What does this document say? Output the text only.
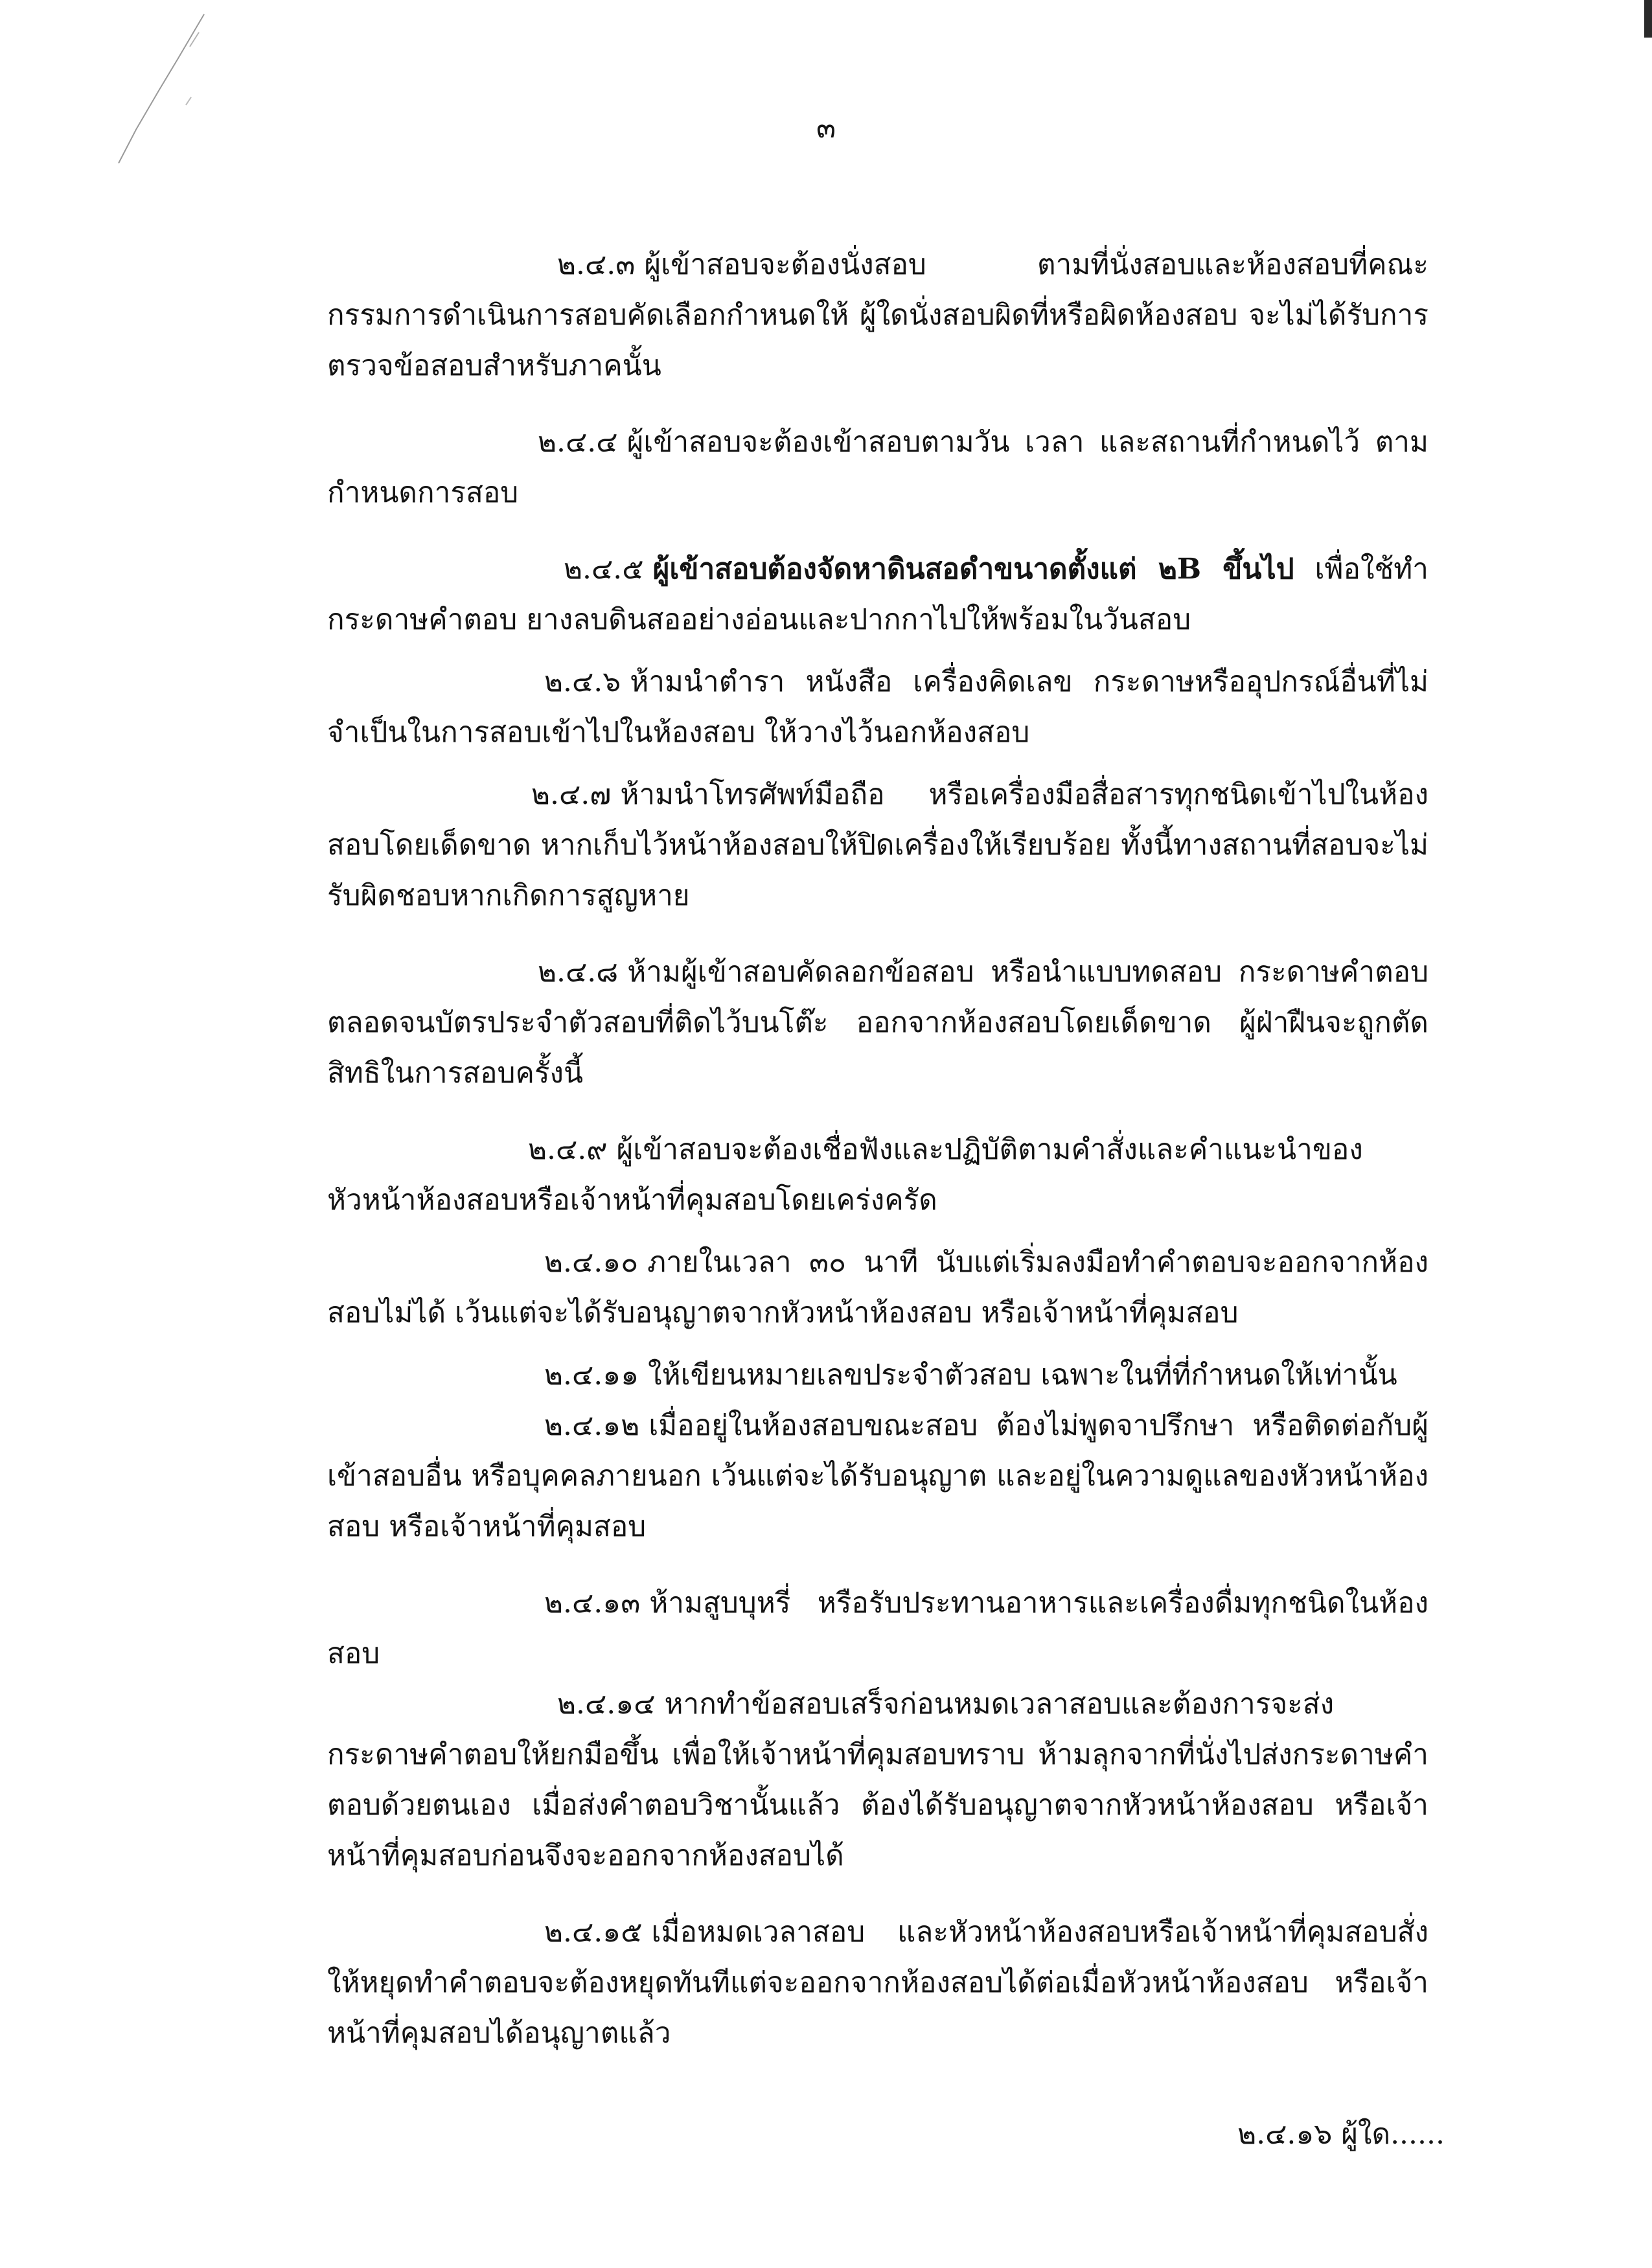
๓

๒.๔.๓ ผู้เข้าสอบจะต้องนั่งสอบ ตามที่นั่งสอบและห้องสอบที่คณะกรรมการดำเนินการสอบคัดเลือกกำหนดให้ ผู้ใดนั่งสอบผิดที่หรือผิดห้องสอบ จะไม่ได้รับการตรวจข้อสอบสำหรับภาคนั้น

๒.๔.๔ ผู้เข้าสอบจะต้องเข้าสอบตามวัน เวลา และสถานที่กำหนดไว้ ตามกำหนดการสอบ

๒.๔.๕ ผู้เข้าสอบต้องจัดหาดินสอดำขนาดตั้งแต่ ๒B ขึ้นไป เพื่อใช้ทำกระดาษคำตอบ ยางลบดินสออย่างอ่อนและปากกาไปให้พร้อมในวันสอบ

๒.๔.๖ ห้ามนำตำรา หนังสือ เครื่องคิดเลข กระดาษหรืออุปกรณ์อื่นที่ไม่จำเป็นในการสอบเข้าไปในห้องสอบ ให้วางไว้นอกห้องสอบ

๒.๔.๗ ห้ามนำโทรศัพท์มือถือ หรือเครื่องมือสื่อสารทุกชนิดเข้าไปในห้องสอบโดยเด็ดขาด หากเก็บไว้หน้าห้องสอบให้ปิดเครื่องให้เรียบร้อย ทั้งนี้ทางสถานที่สอบจะไม่รับผิดชอบหากเกิดการสูญหาย

๒.๔.๘ ห้ามผู้เข้าสอบคัดลอกข้อสอบ หรือนำแบบทดสอบ กระดาษคำตอบตลอดจนบัตรประจำตัวสอบที่ติดไว้บนโต๊ะ ออกจากห้องสอบโดยเด็ดขาด ผู้ฝ่าฝืนจะถูกตัดสิทธิในการสอบครั้งนี้

๒.๔.๙ ผู้เข้าสอบจะต้องเชื่อฟังและปฏิบัติตามคำสั่งและคำแนะนำของหัวหน้าห้องสอบหรือเจ้าหน้าที่คุมสอบโดยเคร่งครัด

๒.๔.๑๐ ภายในเวลา ๓๐ นาที นับแต่เริ่มลงมือทำคำตอบจะออกจากห้องสอบไม่ได้ เว้นแต่จะได้รับอนุญาตจากหัวหน้าห้องสอบ หรือเจ้าหน้าที่คุมสอบ

๒.๔.๑๑ ให้เขียนหมายเลขประจำตัวสอบ เฉพาะในที่ที่กำหนดให้เท่านั้น

๒.๔.๑๒ เมื่ออยู่ในห้องสอบขณะสอบ ต้องไม่พูดจาปรึกษา หรือติดต่อกับผู้เข้าสอบอื่น หรือบุคคลภายนอก เว้นแต่จะได้รับอนุญาต และอยู่ในความดูแลของหัวหน้าห้องสอบ หรือเจ้าหน้าที่คุมสอบ

๒.๔.๑๓ ห้ามสูบบุหรี่ หรือรับประทานอาหารและเครื่องดื่มทุกชนิดในห้องสอบ

๒.๔.๑๔ หากทำข้อสอบเสร็จก่อนหมดเวลาสอบและต้องการจะส่งกระดาษคำตอบให้ยกมือขึ้น เพื่อให้เจ้าหน้าที่คุมสอบทราบ ห้ามลุกจากที่นั่งไปส่งกระดาษคำตอบด้วยตนเอง เมื่อส่งคำตอบวิชานั้นแล้ว ต้องได้รับอนุญาตจากหัวหน้าห้องสอบ หรือเจ้าหน้าที่คุมสอบก่อนจึงจะออกจากห้องสอบได้

๒.๔.๑๕ เมื่อหมดเวลาสอบ และหัวหน้าห้องสอบหรือเจ้าหน้าที่คุมสอบสั่งให้หยุดทำคำตอบจะต้องหยุดทันทีแต่จะออกจากห้องสอบได้ต่อเมื่อหัวหน้าห้องสอบ หรือเจ้าหน้าที่คุมสอบได้อนุญาตแล้ว

๒.๔.๑๖ ผู้ใด......
